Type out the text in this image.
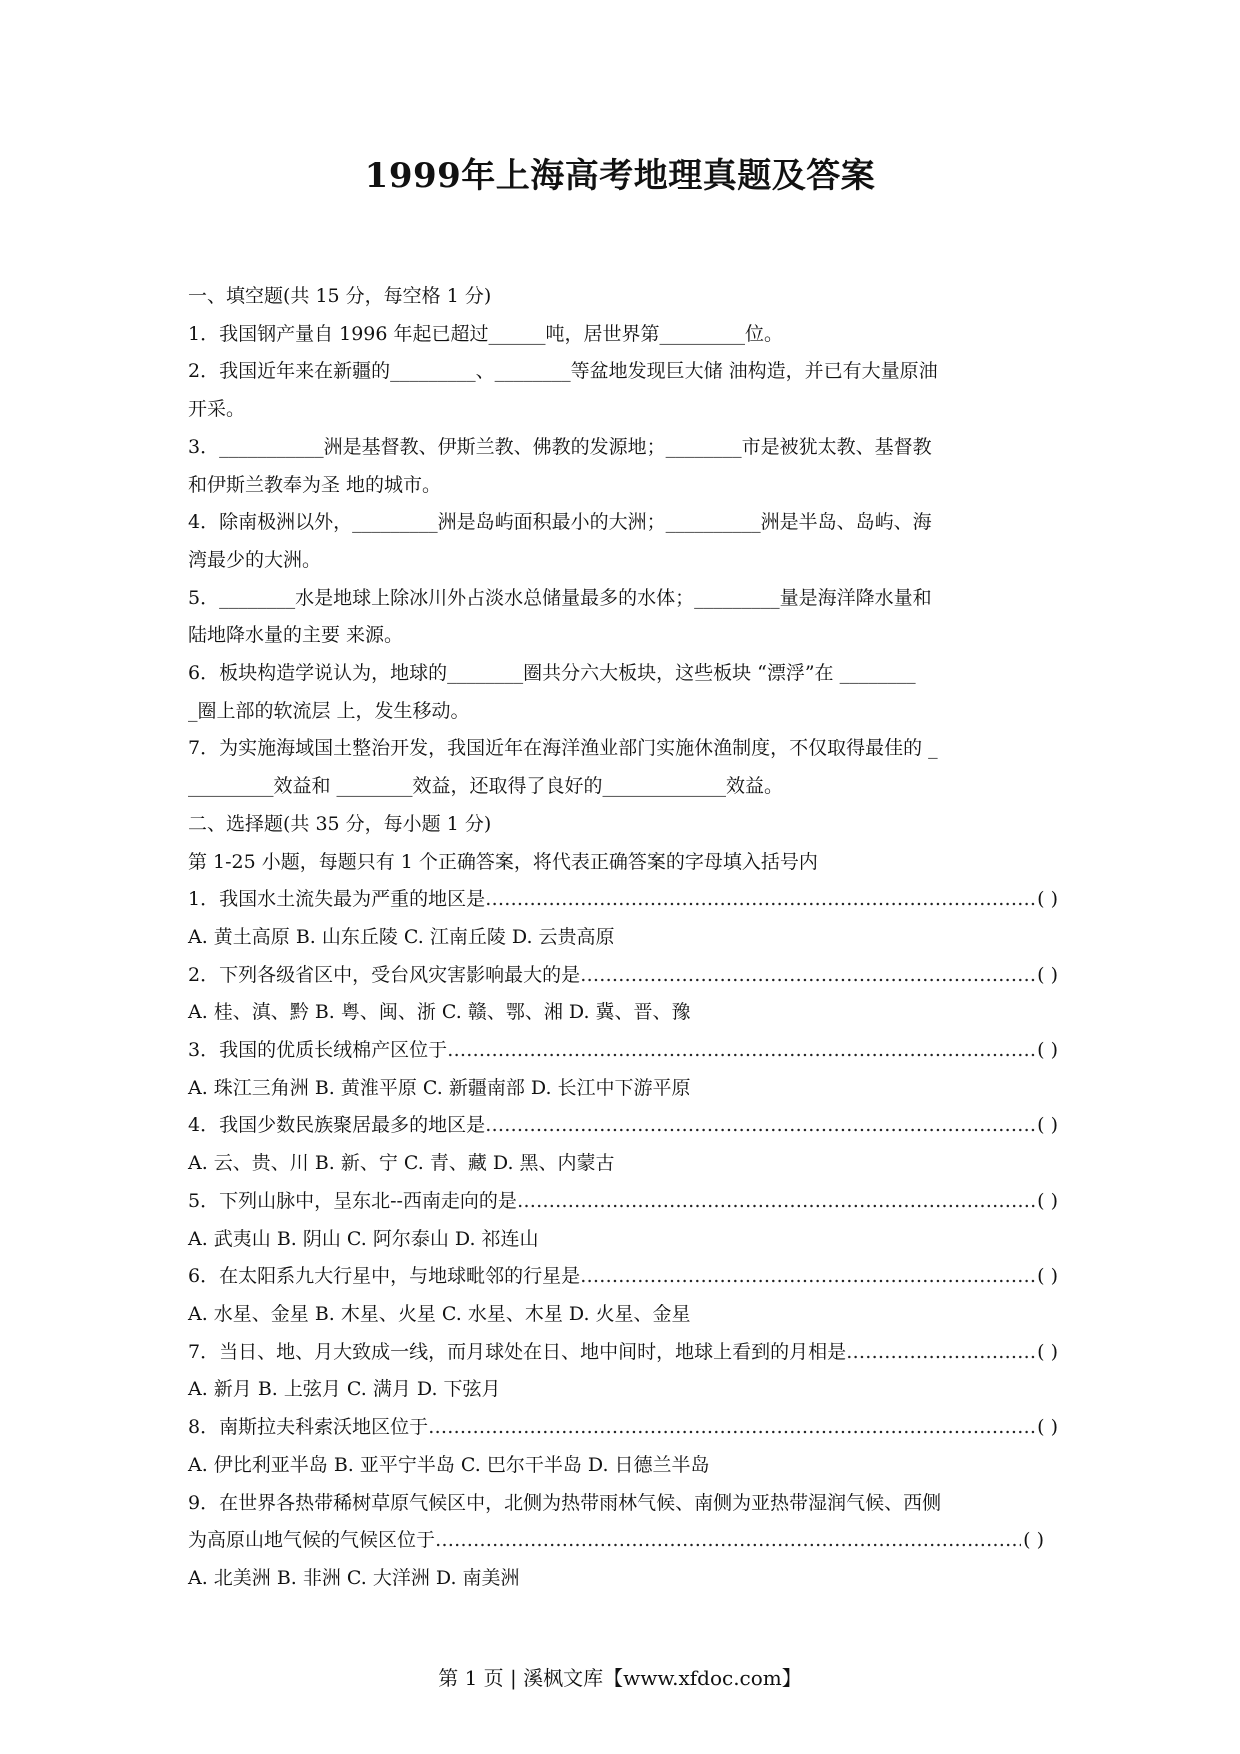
1999年上海高考地理真题及答案
一、填空题(共 15 分，每空格 1 分)
1．我国钢产量自 1996 年起已超过______吨，居世界第_________位。
2．我国近年来在新疆的_________、________等盆地发现巨大储 油构造，并已有大量原油
开采。
3．___________洲是基督教、伊斯兰教、佛教的发源地；________市是被犹太教、基督教
和伊斯兰教奉为圣 地的城市。
4．除南极洲以外，_________洲是岛屿面积最小的大洲；__________洲是半岛、岛屿、海
湾最少的大洲。
5．________水是地球上除冰川外占淡水总储量最多的水体；_________量是海洋降水量和
陆地降水量的主要 来源。
6．板块构造学说认为，地球的________圈共分六大板块，这些板块 “漂浮”在 ________
_圈上部的软流层 上，发生移动。
7．为实施海域国土整治开发，我国近年在海洋渔业部门实施休渔制度，不仅取得最佳的 _
_________效益和 ________效益，还取得了良好的_____________效益。
二、选择题(共 35 分，每小题 1 分)
第 1-25 小题，每题只有 1 个正确答案，将代表正确答案的字母填入括号内
1．我国水土流失最为严重的地区是 ………………………………………………………………………………………………………………………………………………………………	( )
A. 黄土高原 B. 山东丘陵 C. 江南丘陵 D. 云贵高原
2．下列各级省区中，受台风灾害影响最大的是 ………………………………………………………………………………………………………………………………………………………………	( )
A. 桂、滇、黔 B. 粤、闽、浙 C. 赣、鄂、湘 D. 冀、晋、豫
3．我国的优质长绒棉产区位于 ………………………………………………………………………………………………………………………………………………………………	( )
A. 珠江三角洲 B. 黄淮平原 C. 新疆南部 D. 长江中下游平原
4．我国少数民族聚居最多的地区是 ………………………………………………………………………………………………………………………………………………………………	( )
A. 云、贵、川 B. 新、宁 C. 青、藏 D. 黑、内蒙古
5．下列山脉中，呈东北--西南走向的是 ………………………………………………………………………………………………………………………………………………………………	( )
A. 武夷山 B. 阴山 C. 阿尔泰山 D. 祁连山
6．在太阳系九大行星中，与地球毗邻的行星是 ………………………………………………………………………………………………………………………………………………………………	( )
A. 水星、金星 B. 木星、火星 C. 水星、木星 D. 火星、金星
7．当日、地、月大致成一线，而月球处在日、地中间时，地球上看到的月相是 ………………………………………………………………………………………………………………………………………………………………	( )
A. 新月 B. 上弦月 C. 满月 D. 下弦月
8．南斯拉夫科索沃地区位于 ………………………………………………………………………………………………………………………………………………………………	( )
A. 伊比利亚半岛 B. 亚平宁半岛 C. 巴尔干半岛 D. 日德兰半岛
9．在世界各热带稀树草原气候区中，北侧为热带雨林气候、南侧为亚热带湿润气候、西侧
为高原山地气候的气候区位于 ………………………………………………………………………………………………………………………………………………………………	( )
A. 北美洲 B. 非洲 C. 大洋洲 D. 南美洲
第 1 页 | 溪枫文库【www.xfdoc.com】
